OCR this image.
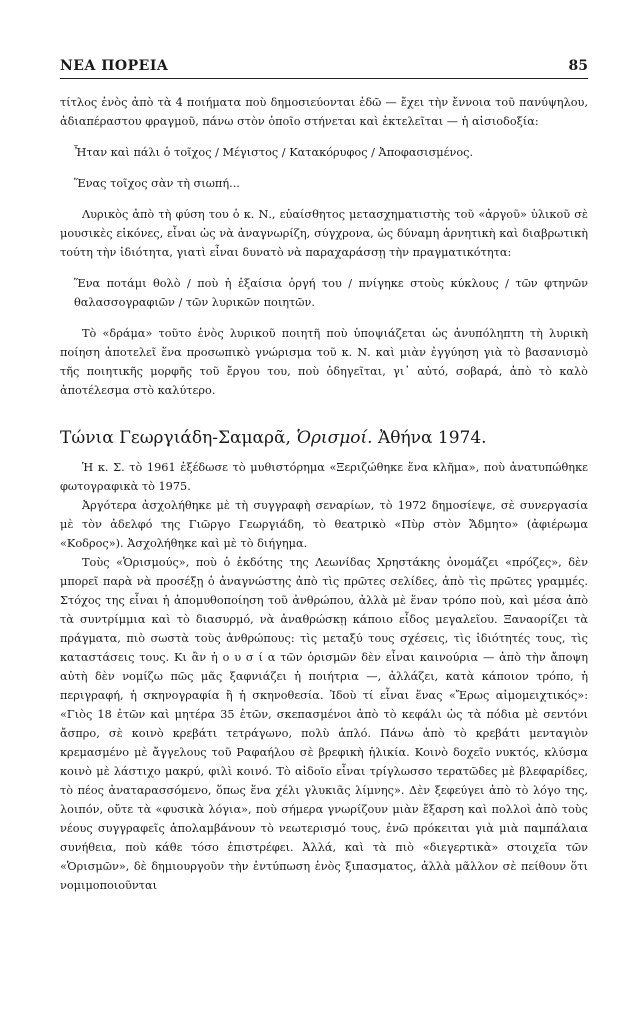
ΝΕΑ ΠΟΡΕΙΑ	85

τίτλος ἑνὸς ἀπὸ τὰ 4 ποιήματα ποὺ δημοσιεύονται ἐδῶ — ἔχει τὴν ἔννοια τοῦ πανύψηλου, ἀδιαπέραστου φραγμοῦ, πάνω στὸν ὁποῖο στήνεται καὶ ἐκτελεῖται — ἡ αἰσιοδοξία:

Ἦταν καὶ πάλι ὁ τοῖχος / Μέγιστος / Κατακόρυφος / Ἀποφασισμένος.

Ἕνας τοῖχος σὰν τὴ σιωπή...

Λυρικὸς ἀπὸ τὴ φύση του ὁ κ. Ν., εὐαίσθητος μετασχηματιστὴς τοῦ «ἀργοῦ» ὑλικοῦ σὲ μουσικὲς εἰκόνες, εἶναι ὡς νὰ ἀναγνωρίζη, σύγχρονα, ὡς δύναμη ἀρνητικὴ καὶ διαβρωτικὴ τούτη τὴν ἰδιότητα, γιατὶ εἶναι δυνατὸ νὰ παραχαράσσῃ τὴν πραγματικότητα:

Ἕνα ποτάμι θολὸ / ποὺ ἡ ἐξαίσια ὀργή του / πνίγηκε στοὺς κύκλους / τῶν φτηνῶν θαλασσογραφιῶν / τῶν λυρικῶν ποιητῶν.

Τὸ «δράμα» τοῦτο ἑνὸς λυρικοῦ ποιητῆ ποὺ ὑποψιάζεται ὡς ἀνυπόληπτη τὴ λυρικὴ ποίηση ἀποτελεῖ ἕνα προσωπικὸ γνώρισμα τοῦ κ. Ν. καὶ μιὰν ἐγγύηση γιὰ τὸ βασανισμὸ τῆς ποιητικῆς μορφῆς τοῦ ἔργου του, ποὺ ὁδηγεῖται, γι᾿ αὐτό, σοβαρά, ἀπὸ τὸ καλὸ ἀποτέλεσμα στὸ καλύτερο.

Τώνια Γεωργιάδη-Σαμαρᾶ, Ὁρισμοί. Ἀθήνα 1974.

Ἡ κ. Σ. τὸ 1961 ἐξέδωσε τὸ μυθιστόρημα «Ξεριζώθηκε ἕνα κλῆμα», ποὺ ἀνατυπώθηκε φωτογραφικὰ τὸ 1975.

Ἀργότερα ἀσχολήθηκε μὲ τὴ συγγραφὴ σεναρίων, τὸ 1972 δημοσίεψε, σὲ συνεργασία μὲ τὸν ἀδελφό της Γιῶργο Γεωργιάδη, τὸ θεατρικὸ «Πὺρ στὸν Ἄδμητο» (ἀφιέρωμα «Κοδρος»). Ἀσχολήθηκε καὶ μὲ τὸ διήγημα.

Τοὺς «Ὁρισμούς», ποὺ ὁ ἐκδότης της Λεωνίδας Χρηστάκης ὀνομάζει «πρόζες», δὲν μπορεῖ παρὰ νὰ προσέξῃ ὁ ἀναγνώστης ἀπὸ τὶς πρῶτες σελίδες, ἀπὸ τὶς πρῶτες γραμμές. Στόχος της εἶναι ἡ ἀπομυθοποίηση τοῦ ἀνθρώπου, ἀλλὰ μὲ ἕναν τρόπο ποὺ, καὶ μέσα ἀπὸ τὰ συντρίμμια καὶ τὸ διασυρμό, νὰ ἀναθρώσκῃ κάποιο εἶδος μεγαλεῖου. Ξαναορίζει τὰ πράγματα, πιὸ σωστὰ τοὺς ἀνθρώπους: τὶς μεταξύ τους σχέσεις, τὶς ἰδιότητές τους, τὶς καταστάσεις τους. Κι ἂν ἡ ο υ σ ί α τῶν ὁρισμῶν δὲν εἶναι καινούρια — ἀπὸ τὴν ἄποψη αὐτὴ δὲν νομίζω πῶς μᾶς ξαφνιάζει ἡ ποιήτρια —, ἀλλάζει, κατὰ κάποιον τρόπο, ἡ περιγραφή, ἡ σκηνογραφία ἢ ἡ σκηνοθεσία. Ἰδοὺ τί εἶναι ἕνας «Ἔρως αἰμομειχτικός»: «Γιὸς 18 ἐτῶν καὶ μητέρα 35 ἐτῶν, σκεπασμένοι ἀπὸ τὸ κεφάλι ὡς τὰ πόδια μὲ σεντόνι ἄσπρο, σὲ κοινὸ κρεβάτι τετράγωνο, πολὺ ἁπλό. Πάνω ἀπὸ τὸ κρεβάτι μενταγιὸν κρεμασμένο μὲ ἄγγελους τοῦ Ραφαήλου σὲ βρεφικὴ ἡλικία. Κοινὸ δοχεῖο νυκτός, κλύσμα κοινὸ μὲ λάστιχο μακρύ, φιλὶ κοινό. Τὸ αἰδοῖο εἶναι τρίγλωσσο τερατῶδες μὲ βλεφαρίδες, τὸ πέος ἀναταρασσόμενο, ὅπως ἕνα χέλι γλυκιᾶς λίμνης». Δὲν ξεφεύγει ἀπὸ τὸ λόγο της, λοιπόν, οὔτε τὰ «φυσικὰ λόγια», ποὺ σήμερα γνωρίζουν μιὰν ἔξαρση καὶ πολλοὶ ἀπὸ τοὺς νέους συγγραφεῖς ἀπολαμβάνουν τὸ νεωτερισμό τους, ἐνῶ πρόκειται γιὰ μιὰ παμπάλαια συνήθεια, ποὺ κάθε τόσο ἐπιστρέφει. Ἀλλά, καὶ τὰ πιὸ «διεγερτικὰ» στοιχεῖα τῶν «Ὁρισμῶν», δὲ δημιουργοῦν τὴν ἐντύπωση ἑνὸς ξιπασματος, ἀλλὰ μᾶλλον σὲ πείθουν ὅτι νομιμοποιοῦνται
